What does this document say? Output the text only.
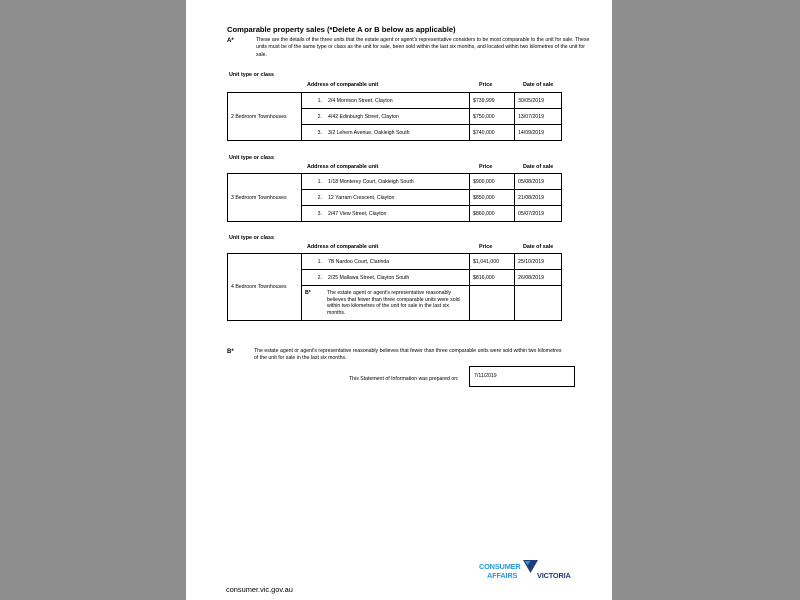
Comparable property sales (*Delete A or B below as applicable)
A*	These are the details of the three units that the estate agent or agent's representative considers to be most comparable to the unit for sale. These units must be of the same type or class as the unit for sale, been sold within the last six months, and located within two kilometres of the unit for sale.
Unit type or class
Address of comparable unit	Price	Date of sale
2 Bedroom Townhouses	1. 2/4 Morrison Street, Clayton	$739,999	30/05/2019
	2. 4/42 Edinburgh Street, Clayton	$750,000	13/07/2019
	3. 3/2 Lehem Avenue, Oakleigh South	$740,000	14/09/2019
Unit type or class
Address of comparable unit	Price	Date of sale
3 Bedroom Townhouses	1. 1/18 Monterey Court, Oakleigh South	$900,000	05/08/2019
	2. 12 Yarram Crescent, Clayton	$850,000	21/08/2019
	3. 2/47 View Street, Clayton	$860,000	05/07/2019
Unit type or class
Address of comparable unit	Price	Date of sale
4 Bedroom Townhouses	1. 7B Nardoo Court, Clarinda	$1,041,000	25/10/2019
	2. 2/25 Mallawa Street, Clayton South	$816,000	26/08/2019

	B* The estate agent or agent's representative reasonably believes that fewer than three comparable units were sold within two kilometres of the unit for sale in the last six months.		

B*	The estate agent or agent's representative reasonably believes that fewer than three comparable units were sold within two kilometres of the unit for sale in the last six months.
This Statement of Information was prepared on:	7/11/2019
consumer.vic.gov.au
CONSUMER
AFFAIRS	VICTORIA
